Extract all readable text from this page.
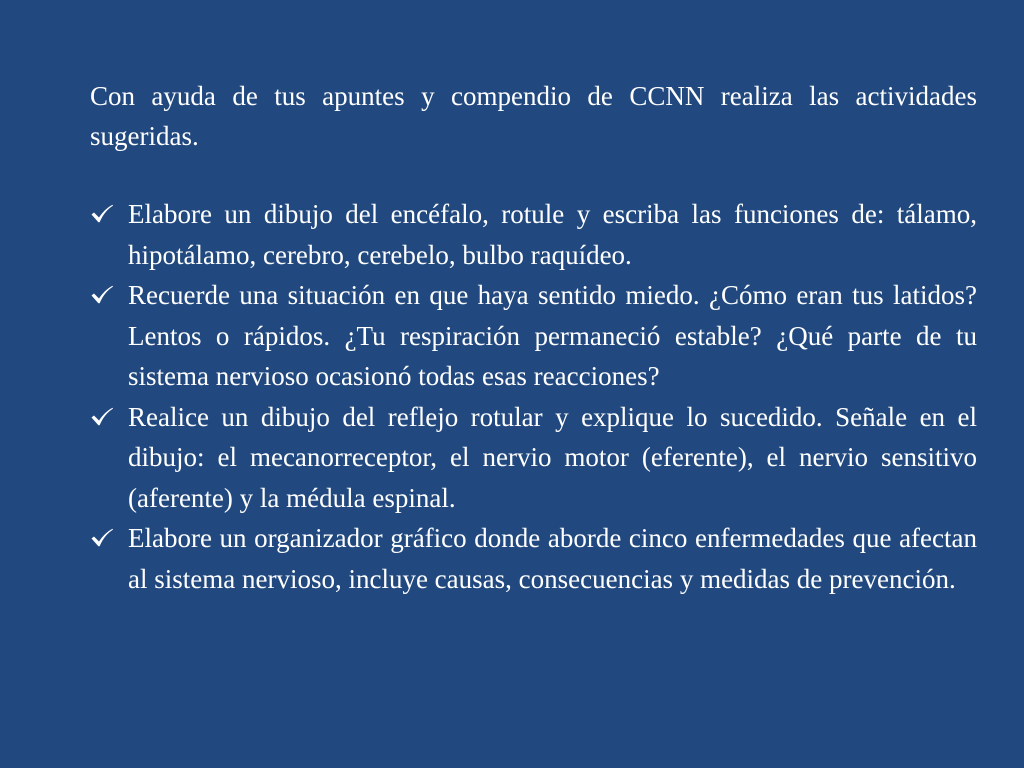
Con ayuda de tus apuntes y compendio de CCNN realiza las actividades sugeridas.

Elabore un dibujo del encéfalo, rotule y escriba las funciones de: tálamo, hipotálamo, cerebro, cerebelo, bulbo raquídeo.
Recuerde una situación en que haya sentido miedo. ¿Cómo eran tus latidos? Lentos o rápidos. ¿Tu respiración permaneció estable? ¿Qué parte de tu sistema nervioso ocasionó todas esas reacciones?
Realice un dibujo del reflejo rotular y explique lo sucedido. Señale en el dibujo: el mecanorreceptor, el nervio motor (eferente), el nervio sensitivo (aferente) y la médula espinal.
Elabore un organizador gráfico donde aborde cinco enfermedades que afectan al sistema nervioso, incluye causas, consecuencias y medidas de prevención.
